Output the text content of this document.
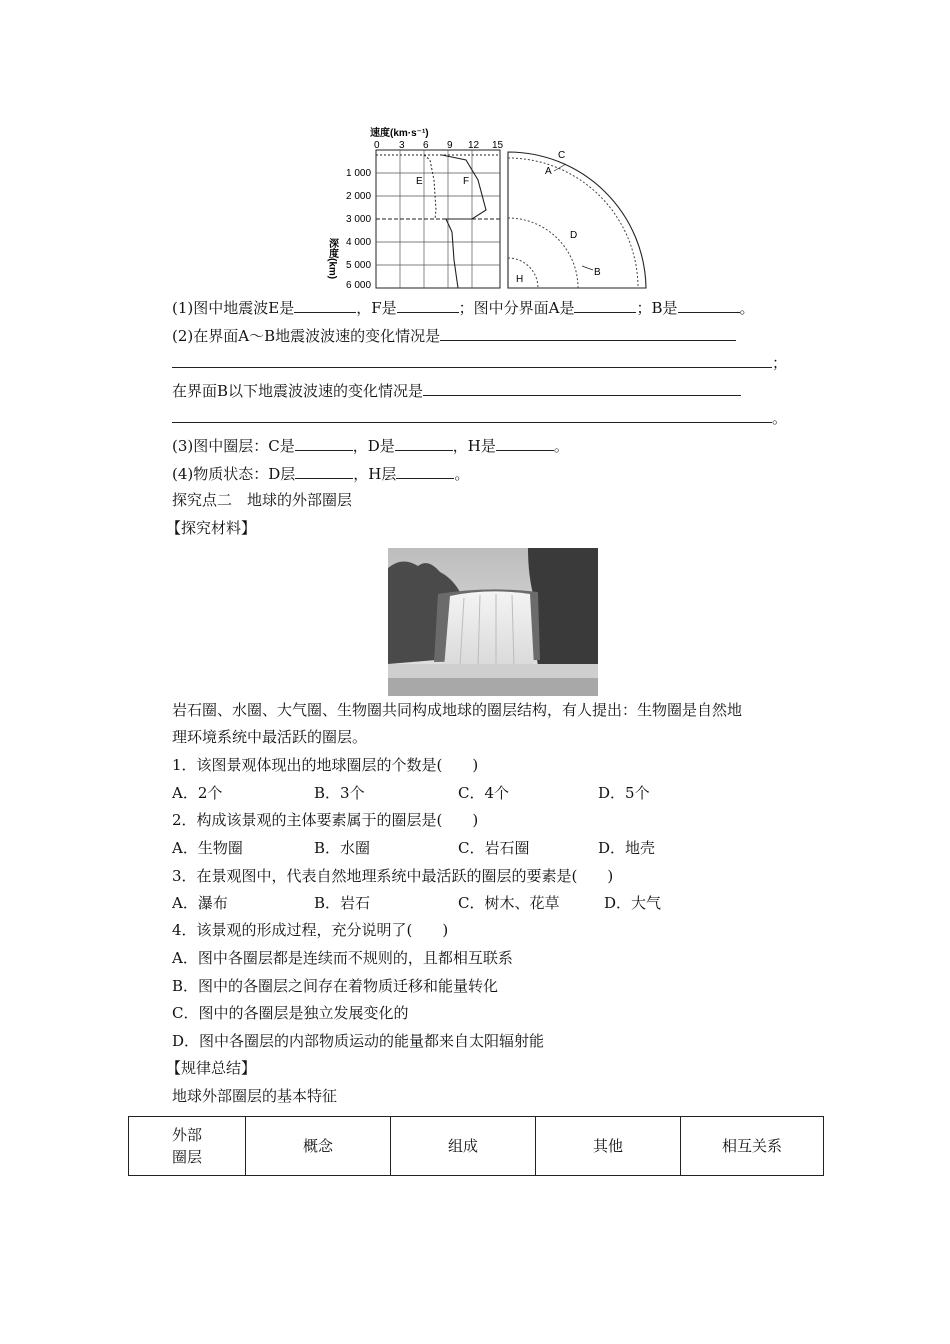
速度(km·s⁻¹)
0 3 6 9 12 15
1 000
2 000
3 000
4 000
5 000
6 000
深度(km)
E	F
C
A
D
B
H
(1)图中地震波E是	，F是	；图中分界面A是	；B是	。
(2)在界面A～B地震波波速的变化情况是
；
在界面B以下地震波波速的变化情况是
。
(3)图中圈层：C是	，D是	，H是	。
(4)物质状态：D层	，H层	。
探究点二　地球的外部圈层
【探究材料】
岩石圈、水圈、大气圈、生物圈共同构成地球的圈层结构，有人提出：生物圈是自然地
理环境系统中最活跃的圈层。
1．该图景观体现出的地球圈层的个数是(　　)
A．2个	B．3个	C．4个	D．5个
2．构成该景观的主体要素属于的圈层是(　　)
A．生物圈	B．水圈	C．岩石圈	D．地壳
3．在景观图中，代表自然地理系统中最活跃的圈层的要素是(　　)
A．瀑布	B．岩石	C．树木、花草	D．大气
4．该景观的形成过程，充分说明了(　　)
A．图中各圈层都是连续而不规则的，且都相互联系
B．图中的各圈层之间存在着物质迁移和能量转化
C．图中的各圈层是独立发展变化的
D．图中各圈层的内部物质运动的能量都来自太阳辐射能
【规律总结】
地球外部圈层的基本特征
外部
圈层
	概念	组成	其他	相互关系
